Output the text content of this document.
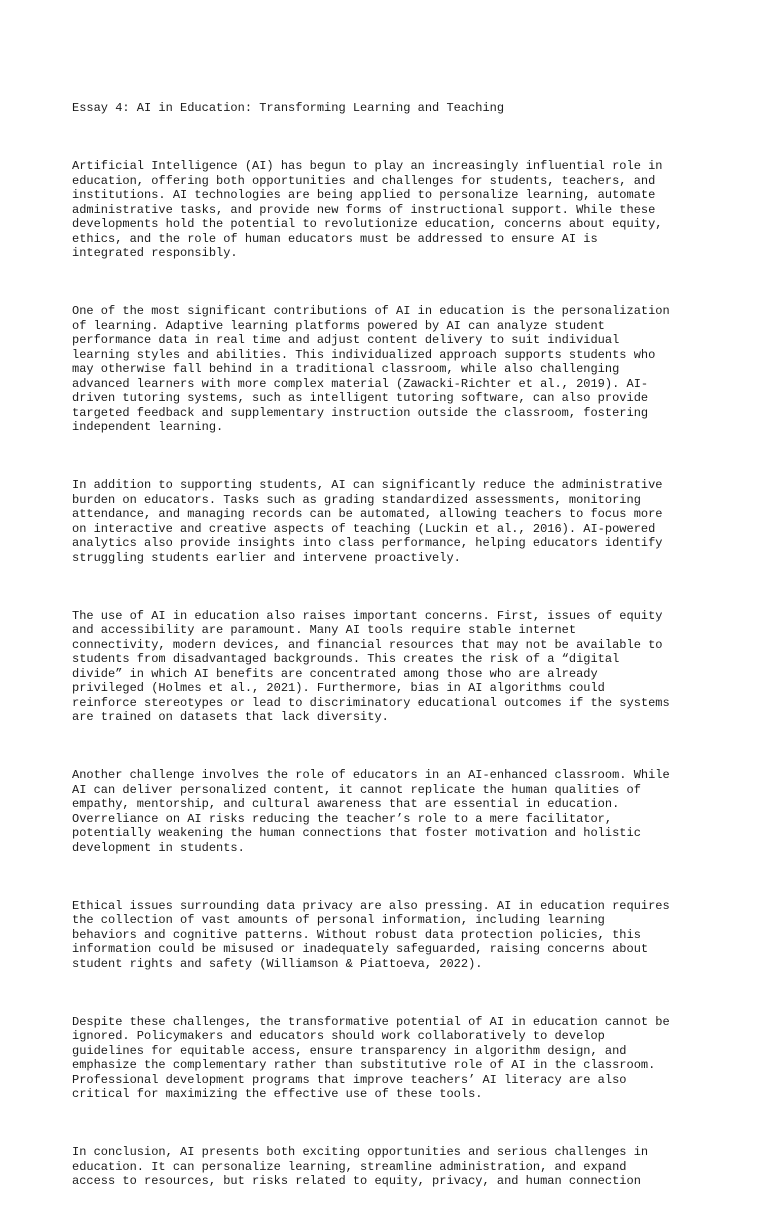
Essay 4: AI in Education: Transforming Learning and Teaching

Artificial Intelligence (AI) has begun to play an increasingly influential role in
education, offering both opportunities and challenges for students, teachers, and
institutions. AI technologies are being applied to personalize learning, automate
administrative tasks, and provide new forms of instructional support. While these
developments hold the potential to revolutionize education, concerns about equity,
ethics, and the role of human educators must be addressed to ensure AI is
integrated responsibly.

One of the most significant contributions of AI in education is the personalization
of learning. Adaptive learning platforms powered by AI can analyze student
performance data in real time and adjust content delivery to suit individual
learning styles and abilities. This individualized approach supports students who
may otherwise fall behind in a traditional classroom, while also challenging
advanced learners with more complex material (Zawacki-Richter et al., 2019). AI-
driven tutoring systems, such as intelligent tutoring software, can also provide
targeted feedback and supplementary instruction outside the classroom, fostering
independent learning.

In addition to supporting students, AI can significantly reduce the administrative
burden on educators. Tasks such as grading standardized assessments, monitoring
attendance, and managing records can be automated, allowing teachers to focus more
on interactive and creative aspects of teaching (Luckin et al., 2016). AI-powered
analytics also provide insights into class performance, helping educators identify
struggling students earlier and intervene proactively.

The use of AI in education also raises important concerns. First, issues of equity
and accessibility are paramount. Many AI tools require stable internet
connectivity, modern devices, and financial resources that may not be available to
students from disadvantaged backgrounds. This creates the risk of a “digital
divide” in which AI benefits are concentrated among those who are already
privileged (Holmes et al., 2021). Furthermore, bias in AI algorithms could
reinforce stereotypes or lead to discriminatory educational outcomes if the systems
are trained on datasets that lack diversity.

Another challenge involves the role of educators in an AI-enhanced classroom. While
AI can deliver personalized content, it cannot replicate the human qualities of
empathy, mentorship, and cultural awareness that are essential in education.
Overreliance on AI risks reducing the teacher’s role to a mere facilitator,
potentially weakening the human connections that foster motivation and holistic
development in students.

Ethical issues surrounding data privacy are also pressing. AI in education requires
the collection of vast amounts of personal information, including learning
behaviors and cognitive patterns. Without robust data protection policies, this
information could be misused or inadequately safeguarded, raising concerns about
student rights and safety (Williamson & Piattoeva, 2022).

Despite these challenges, the transformative potential of AI in education cannot be
ignored. Policymakers and educators should work collaboratively to develop
guidelines for equitable access, ensure transparency in algorithm design, and
emphasize the complementary rather than substitutive role of AI in the classroom.
Professional development programs that improve teachers’ AI literacy are also
critical for maximizing the effective use of these tools.

In conclusion, AI presents both exciting opportunities and serious challenges in
education. It can personalize learning, streamline administration, and expand
access to resources, but risks related to equity, privacy, and human connection
